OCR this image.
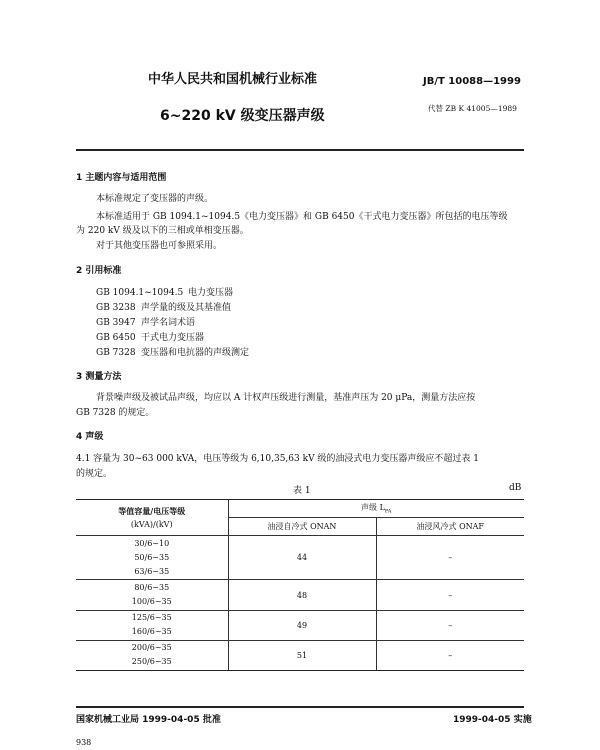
中华人民共和国机械行业标准	JB/T 10088—1999
6~220 kV 级变压器声级	代替 ZB K 41005—1989
1 主题内容与适用范围
本标准规定了变压器的声级。
本标准适用于 GB 1094.1~1094.5《电力变压器》和 GB 6450《干式电力变压器》所包括的电压等级
为 220 kV 级及以下的三相或单相变压器。
对于其他变压器也可参照采用。
2 引用标准
GB 1094.1~1094.5 电力变压器
GB 3238 声学量的级及其基准值
GB 3947 声学名词术语
GB 6450 干式电力变压器
GB 7328 变压器和电抗器的声级测定
3 测量方法
背景噪声级及被试品声级，均应以 A 计权声压级进行测量，基准声压为 20 μPa，测量方法应按
GB 7328 的规定。
4 声级
4.1 容量为 30~63 000 kVA，电压等级为 6,10,35,63 kV 级的油浸式电力变压器声级应不超过表 1
的规定。
表 1	dB
等值容量/电压等级
(kVA)/(kV)	声级 $L_{PA}$
	油浸自冷式 ONAN	油浸风冷式 ONAF

30/6~10
50/6~35
63/6~35	44	–

80/6~35
100/6~35	48	–

125/6~35
160/6~35	49	–

200/6~35
250/6~35	51	–
国家机械工业局 1999-04-05 批准	1999-04-05 实施
938
